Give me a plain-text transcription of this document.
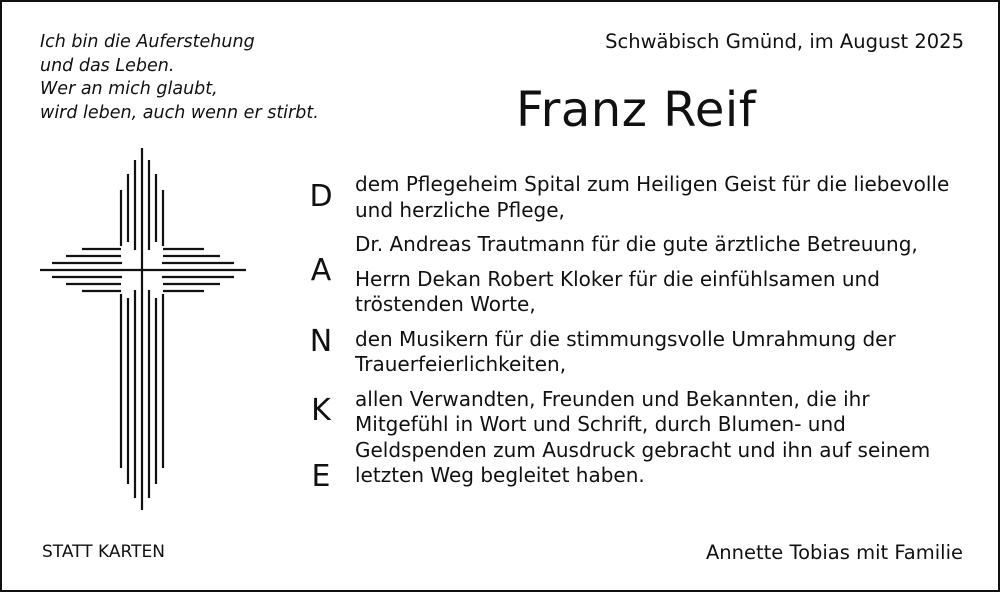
Ich bin die Auferstehung
und das Leben.
Wer an mich glaubt,
wird leben, auch wenn er stirbt.
Schwäbisch Gmünd, im August 2025
Franz Reif
D
A
N
K
E

dem Pflegeheim Spital zum Heiligen Geist für die liebevolle und herzliche Pflege,

Dr. Andreas Trautmann für die gute ärztliche Betreuung,

Herrn Dekan Robert Kloker für die einfühlsamen und tröstenden Worte,

den Musikern für die stimmungsvolle Umrahmung der Trauerfeierlichkeiten,

allen Verwandten, Freunden und Bekannten, die ihr Mitgefühl in Wort und Schrift, durch Blumen- und Geldspenden zum Ausdruck gebracht und ihn auf seinem letzten Weg begleitet haben.

STATT KARTEN	Annette Tobias mit Familie
